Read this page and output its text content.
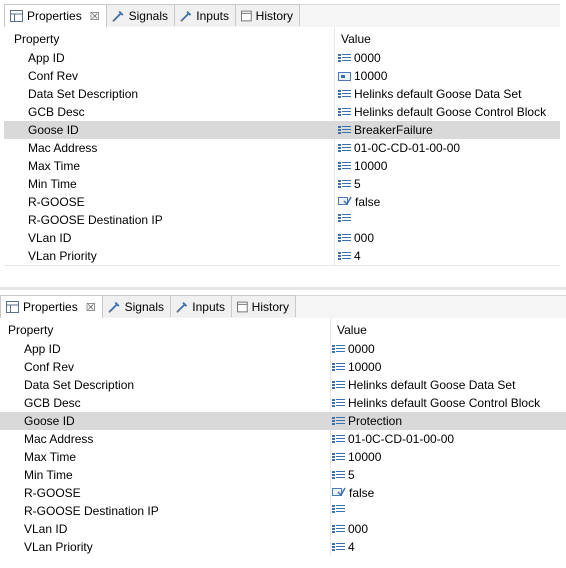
Properties ☒ Signals Inputs History
Property	Value
App ID	0000
Conf Rev	10000
Data Set Description	Helinks default Goose Data Set
GCB Desc	Helinks default Goose Control Block
Goose ID	BreakerFailure
Mac Address	01-0C-CD-01-00-00
Max Time	10000
Min Time	5
R-GOOSE	false
R-GOOSE Destination IP
VLan ID	000
VLan Priority	4
Properties ☒ Signals Inputs History
Property	Value
App ID	0000
Conf Rev	10000
Data Set Description	Helinks default Goose Data Set
GCB Desc	Helinks default Goose Control Block
Goose ID	Protection
Mac Address	01-0C-CD-01-00-00
Max Time	10000
Min Time	5
R-GOOSE	false
R-GOOSE Destination IP
VLan ID	000
VLan Priority	4
